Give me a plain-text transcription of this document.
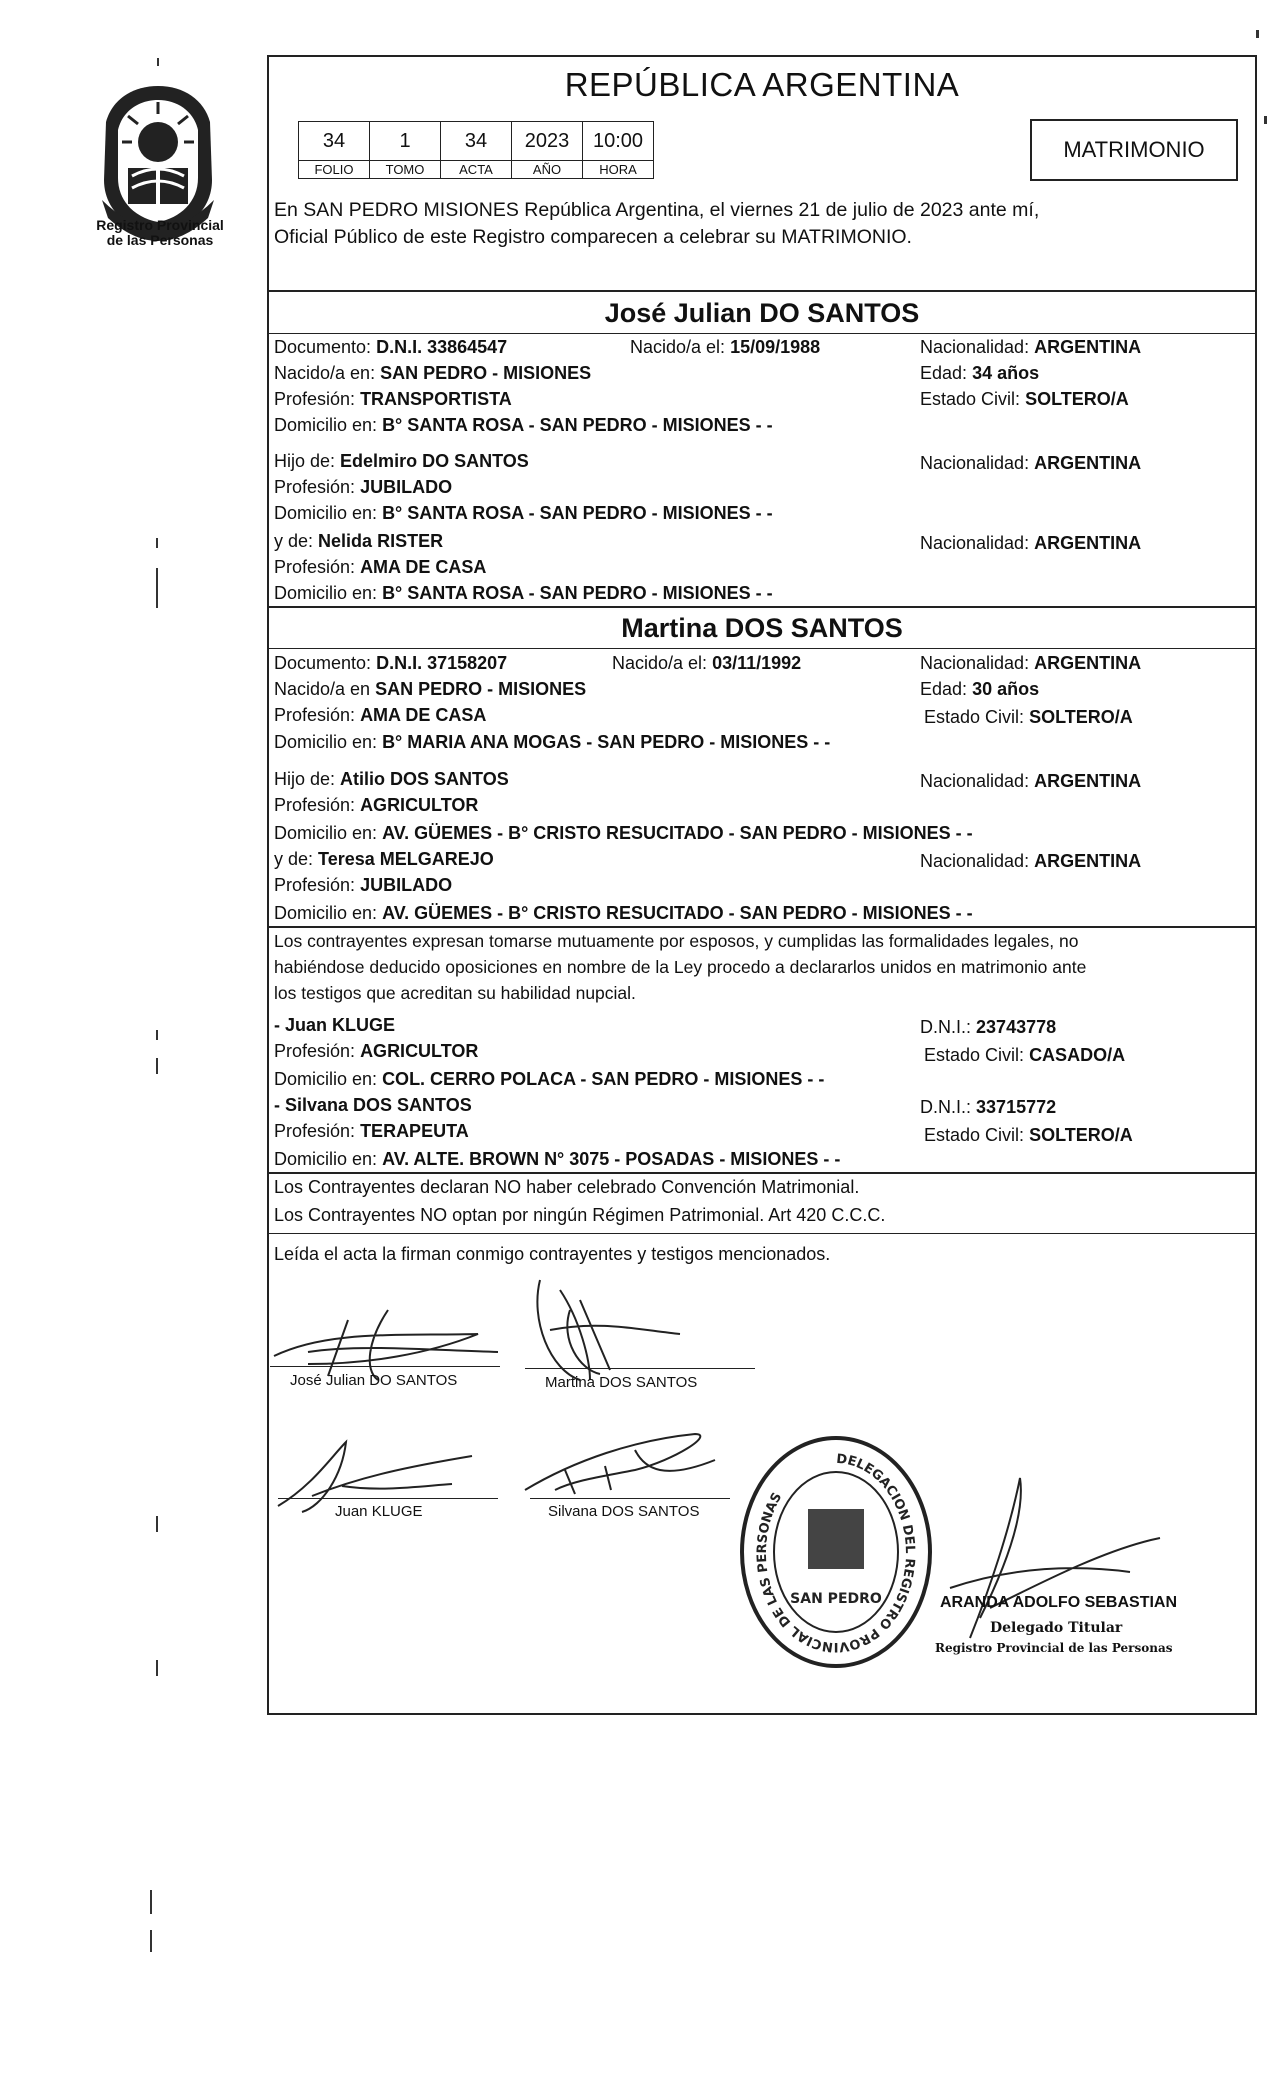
Registro Provincial
de las Personas
REPÚBLICA ARGENTINA
34	1	34	2023	10:00
FOLIO	TOMO	ACTA	AÑO	HORA
MATRIMONIO
En SAN PEDRO MISIONES República Argentina, el viernes 21 de julio de 2023 ante mí,
Oficial Público de este Registro comparecen a celebrar su MATRIMONIO.
José Julian DO SANTOS
Documento: D.N.I. 33864547	Nacido/a el: 15/09/1988	Nacionalidad: ARGENTINA
Nacido/a en: SAN PEDRO - MISIONES	Edad: 34 años
Profesión: TRANSPORTISTA	Estado Civil: SOLTERO/A
Domicilio en: B° SANTA ROSA - SAN PEDRO - MISIONES - -
Hijo de: Edelmiro DO SANTOS	Nacionalidad: ARGENTINA
Profesión: JUBILADO
Domicilio en: B° SANTA ROSA - SAN PEDRO - MISIONES - -
y de: Nelida RISTER	Nacionalidad: ARGENTINA
Profesión: AMA DE CASA
Domicilio en: B° SANTA ROSA - SAN PEDRO - MISIONES - -
Martina DOS SANTOS
Documento: D.N.I. 37158207	Nacido/a el: 03/11/1992	Nacionalidad: ARGENTINA
Nacido/a en SAN PEDRO - MISIONES	Edad: 30 años
Profesión: AMA DE CASA	Estado Civil: SOLTERO/A
Domicilio en: B° MARIA ANA MOGAS - SAN PEDRO - MISIONES - -
Hijo de: Atilio DOS SANTOS	Nacionalidad: ARGENTINA
Profesión: AGRICULTOR
Domicilio en: AV. GÜEMES - B° CRISTO RESUCITADO - SAN PEDRO - MISIONES - -
y de: Teresa MELGAREJO	Nacionalidad: ARGENTINA
Profesión: JUBILADO
Domicilio en: AV. GÜEMES - B° CRISTO RESUCITADO - SAN PEDRO - MISIONES - -
Los contrayentes expresan tomarse mutuamente por esposos, y cumplidas las formalidades legales, no
habiéndose deducido oposiciones en nombre de la Ley procedo a declararlos unidos en matrimonio ante
los testigos que acreditan su habilidad nupcial.
- Juan KLUGE	D.N.I.: 23743778
Profesión: AGRICULTOR	Estado Civil: CASADO/A
Domicilio en: COL. CERRO POLACA - SAN PEDRO - MISIONES - -
- Silvana DOS SANTOS	D.N.I.: 33715772
Profesión: TERAPEUTA	Estado Civil: SOLTERO/A
Domicilio en: AV. ALTE. BROWN N° 3075 - POSADAS - MISIONES - -
Los Contrayentes declaran NO haber celebrado Convención Matrimonial.
Los Contrayentes NO optan por ningún Régimen Patrimonial. Art 420 C.C.C.
Leída el acta la firman conmigo contrayentes y testigos mencionados.
José Julian DO SANTOS	Martina DOS SANTOS
Juan KLUGE	Silvana DOS SANTOS
DELEGACION DEL REGISTRO PROVINCIAL DE LAS PERSONAS
SAN PEDRO	ARANDA ADOLFO SEBASTIAN
Delegado Titular
Registro Provincial de las Personas
